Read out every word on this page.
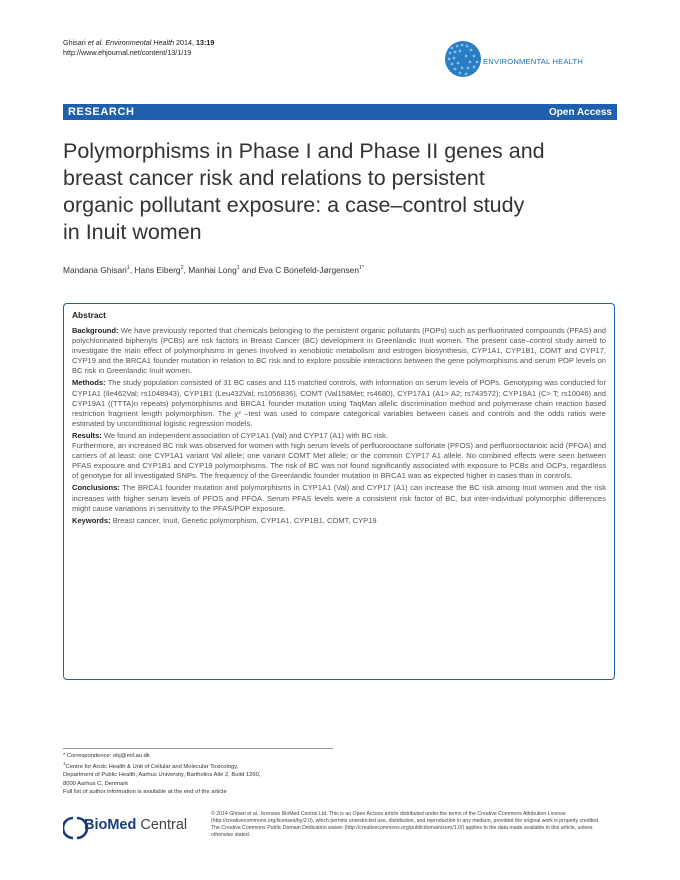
Ghisari et al. Environmental Health 2014, 13:19
http://www.ehjournal.net/content/13/1/19
ENVIRONMENTAL HEALTH
RESEARCH	Open Access
Polymorphisms in Phase I and Phase II genes and
breast cancer risk and relations to persistent
organic pollutant exposure: a case–control study
in Inuit women
Mandana Ghisari$^1$, Hans Eiberg$^2$, Manhai Long$^1$ and Eva C Bonefeld-Jørgensen$^{1*}$
Abstract
Background: We have previously reported that chemicals belonging to the persistent organic pollutants (POPs) such as perfluorinated compounds (PFAS) and polychlorinated biphenyls (PCBs) are risk factors in Breast Cancer (BC) development in Greenlandic Inuit women. The present case–control study aimed to investigate the main effect of polymorphisms in genes involved in xenobiotic metabolism and estrogen biosynthesis, CYP1A1, CYP1B1, COMT and CYP17, CYP19 and the BRCA1 founder mutation in relation to BC risk and to explore possible interactions between the gene polymorphisms and serum POP levels on BC risk in Greenlandic Inuit women.
Methods: The study population consisted of 31 BC cases and 115 matched controls, with information on serum levels of POPs. Genotyping was conducted for CYP1A1 (Ile462Val; rs1048943), CYP1B1 (Leu432Val; rs1056836), COMT (Val158Met; rs4680), CYP17A1 (A1> A2; rs743572); CYP19A1 (C> T; rs10046) and CYP19A1 ((TTTA)n repeats) polymorphisms and BRCA1 founder mutation using TaqMan allelic discrimination method and polymerase chain reaction based restriction fragment length polymorphism. The χ² –test was used to compare categorical variables between cases and controls and the odds ratios were estimated by unconditional logistic regression models.
Results: We found an independent association of CYP1A1 (Val) and CYP17 (A1) with BC risk.
Furthermore, an increased BC risk was observed for women with high serum levels of perfluorooctane sulfonate (PFOS) and perfluorooctanoic acid (PFOA) and carriers of at least: one CYP1A1 variant Val allele; one variant COMT Met allele; or the common CYP17 A1 allele. No combined effects were seen between PFAS exposure and CYP1B1 and CYP19 polymorphisms. The risk of BC was not found significantly associated with exposure to PCBs and OCPs, regardless of genotype for all investigated SNPs. The frequency of the Greenlandic founder mutation in BRCA1 was as expected higher in cases than in controls.
Conclusions: The BRCA1 founder mutation and polymorphisms in CYP1A1 (Val) and CYP17 (A1) can increase the BC risk among Inuit women and the risk increases with higher serum levels of PFOS and PFOA. Serum PFAS levels were a consistent risk factor of BC, but inter-individual polymorphic differences might cause variations in sensitivity to the PFAS/POP exposure.
Keywords: Breast cancer, Inuit, Genetic polymorphism, CYP1A1, CYP1B1, COMT, CYP19
* Correspondence: ebj@mil.au.dk
$^1$Centre for Arctic Health & Unit of Cellular and Molecular Toxicology,
Department of Public Health, Aarhus University, Bartholins Allé 2, Build 1260,
8000 Aarhus C, Denmark
Full list of author information is available at the end of the article
BioMed Central
© 2014 Ghisari et al.; licensee BioMed Central Ltd. This is an Open Access article distributed under the terms of the Creative Commons Attribution License (http://creativecommons.org/licenses/by/2.0), which permits unrestricted use, distribution, and reproduction in any medium, provided the original work is properly credited. The Creative Commons Public Domain Dedication waiver (http://creativecommons.org/publicdomain/zero/1.0/) applies to the data made available in this article, unless otherwise stated.
